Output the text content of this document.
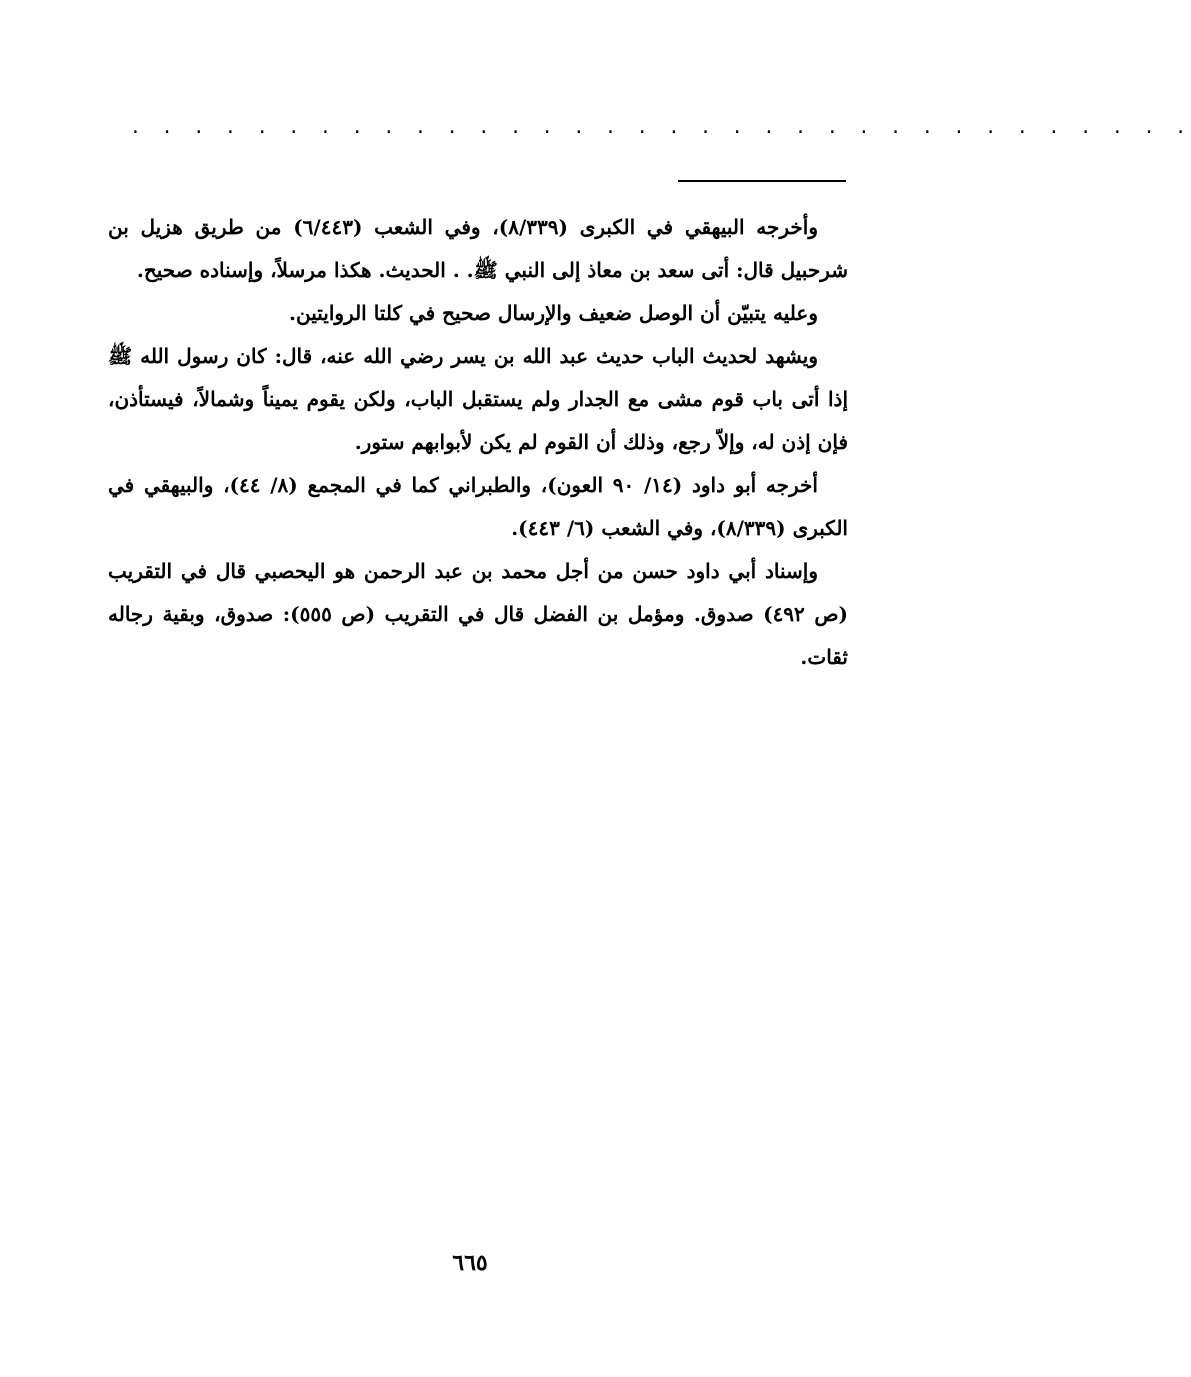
. . . . . . . . . . . . . . . . . . . . . . . . . . . . . . . . . .

وأخرجه البيهقي في الكبرى (٨/٣٣٩)، وفي الشعب (٦/٤٤٣) من طريق هزيل بن شرحبيل قال: أتى سعد بن معاذ إلى النبي ﷺ. . الحديث. هكذا مرسلاً، وإسناده صحيح.

وعليه يتبيّن أن الوصل ضعيف والإرسال صحيح في كلتا الروايتين.

ويشهد لحديث الباب حديث عبد الله بن يسر رضي الله عنه، قال: كان رسول الله ﷺ إذا أتى باب قوم مشى مع الجدار ولم يستقبل الباب، ولكن يقوم يميناً وشمالاً، فيستأذن، فإن إذن له، وإلاّ رجع، وذلك أن القوم لم يكن لأبوابهم ستور.

أخرجه أبو داود (١٤/ ٩٠ العون)، والطبراني كما في المجمع (٨/ ٤٤)، والبيهقي في الكبرى (٨/٣٣٩)، وفي الشعب (٦/ ٤٤٣).

وإسناد أبي داود حسن من أجل محمد بن عبد الرحمن هو اليحصبي قال في التقريب (ص ٤٩٢) صدوق. ومؤمل بن الفضل قال في التقريب (ص ٥٥٥): صدوق، وبقية رجاله ثقات.

٦٦٥
